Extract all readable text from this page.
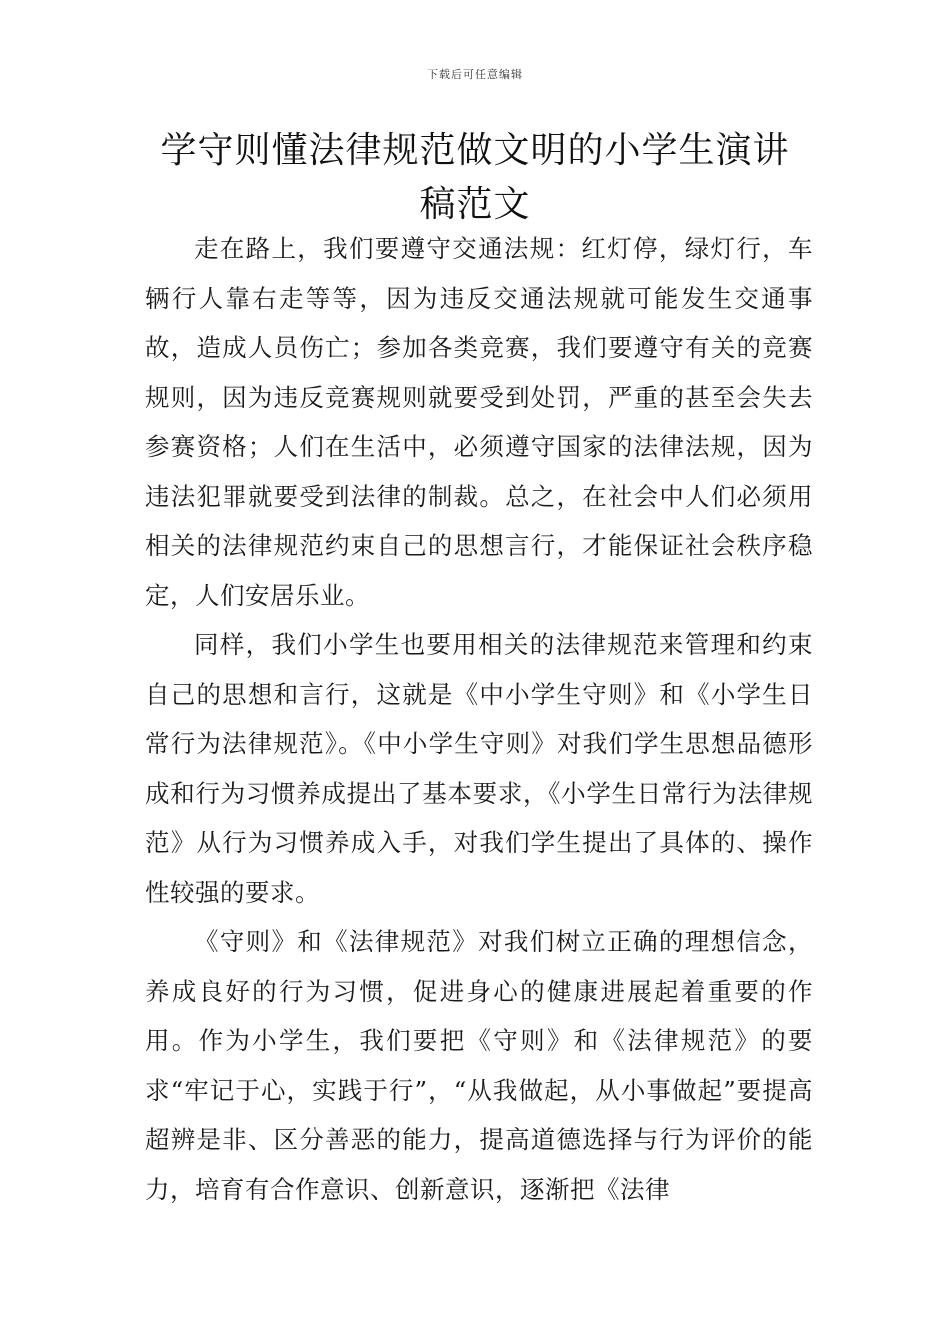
下载后可任意编辑
学守则懂法律规范做文明的小学生演讲稿范文

走在路上，我们要遵守交通法规：红灯停，绿灯行，车辆行人靠右走等等，因为违反交通法规就可能发生交通事故，造成人员伤亡；参加各类竞赛，我们要遵守有关的竞赛规则，因为违反竞赛规则就要受到处罚，严重的甚至会失去参赛资格；人们在生活中，必须遵守国家的法律法规，因为违法犯罪就要受到法律的制裁。总之，在社会中人们必须用相关的法律规范约束自己的思想言行，才能保证社会秩序稳定，人们安居乐业。

同样，我们小学生也要用相关的法律规范来管理和约束自己的思想和言行，这就是《中小学生守则》和《小学生日常行为法律规范》。《中小学生守则》对我们学生思想品德形成和行为习惯养成提出了基本要求，《小学生日常行为法律规范》从行为习惯养成入手，对我们学生提出了具体的、操作性较强的要求。

《守则》和《法律规范》对我们树立正确的理想信念，养成良好的行为习惯，促进身心的健康进展起着重要的作用。作为小学生，我们要把《守则》和《法律规范》的要求“牢记于心，实践于行”，“从我做起，从小事做起”要提高超辨是非、区分善恶的能力，提高道德选择与行为评价的能力，培育有合作意识、创新意识，逐渐把《法律
